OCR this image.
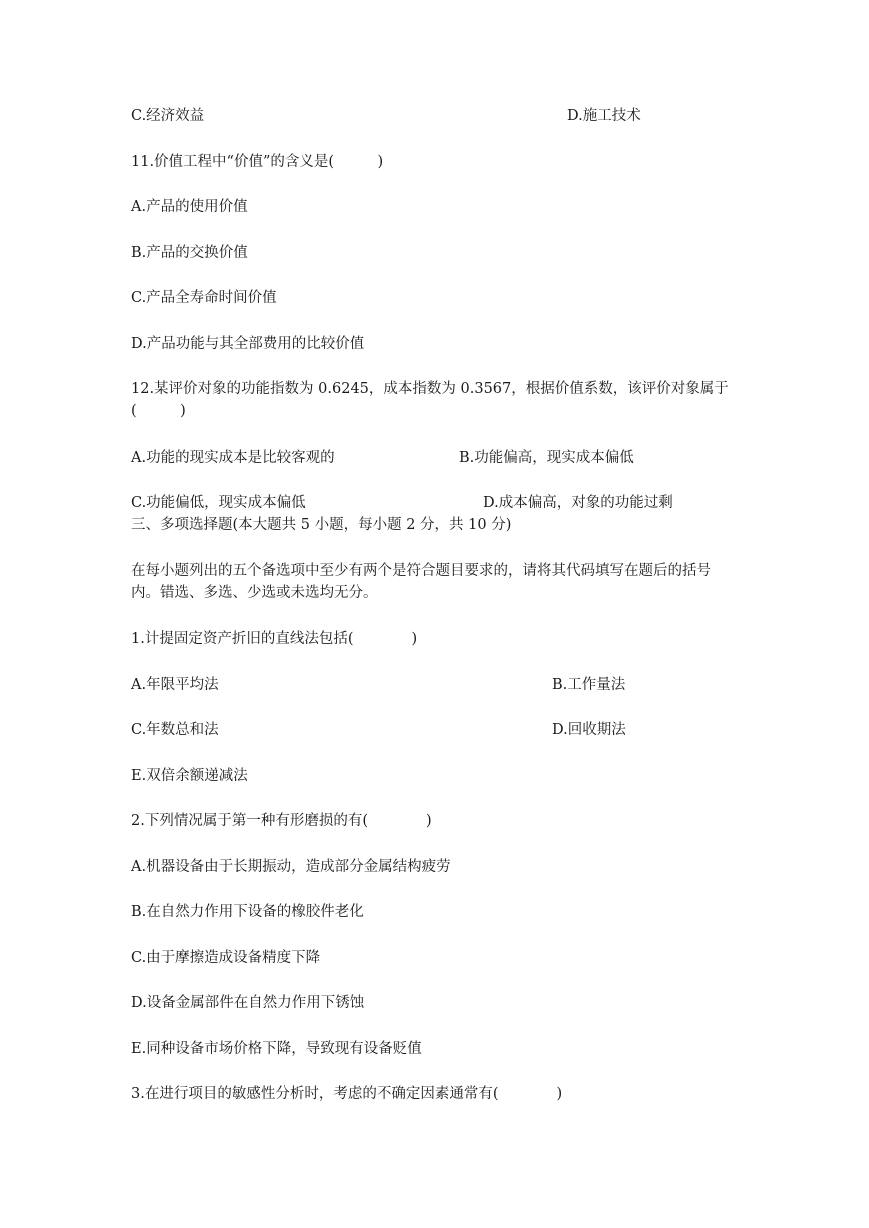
C.经济效益	D.施工技术
11.价值工程中“价值”的含义是(　　　)
A.产品的使用价值
B.产品的交换价值
C.产品全寿命时间价值
D.产品功能与其全部费用的比较价值
12.某评价对象的功能指数为 0.6245，成本指数为 0.3567，根据价值系数，该评价对象属于
(　　　)
A.功能的现实成本是比较客观的	B.功能偏高，现实成本偏低
C.功能偏低，现实成本偏低	D.成本偏高，对象的功能过剩
三、多项选择题(本大题共 5 小题，每小题 2 分，共 10 分)
在每小题列出的五个备选项中至少有两个是符合题目要求的，请将其代码填写在题后的括号
内。错选、多选、少选或未选均无分。
1.计提固定资产折旧的直线法包括(　　　　)
A.年限平均法	B.工作量法
C.年数总和法	D.回收期法
E.双倍余额递减法
2.下列情况属于第一种有形磨损的有(　　　　)
A.机器设备由于长期振动，造成部分金属结构疲劳
B.在自然力作用下设备的橡胶件老化
C.由于摩擦造成设备精度下降
D.设备金属部件在自然力作用下锈蚀
E.同种设备市场价格下降，导致现有设备贬值
3.在进行项目的敏感性分析时，考虑的不确定因素通常有(　　　　)
